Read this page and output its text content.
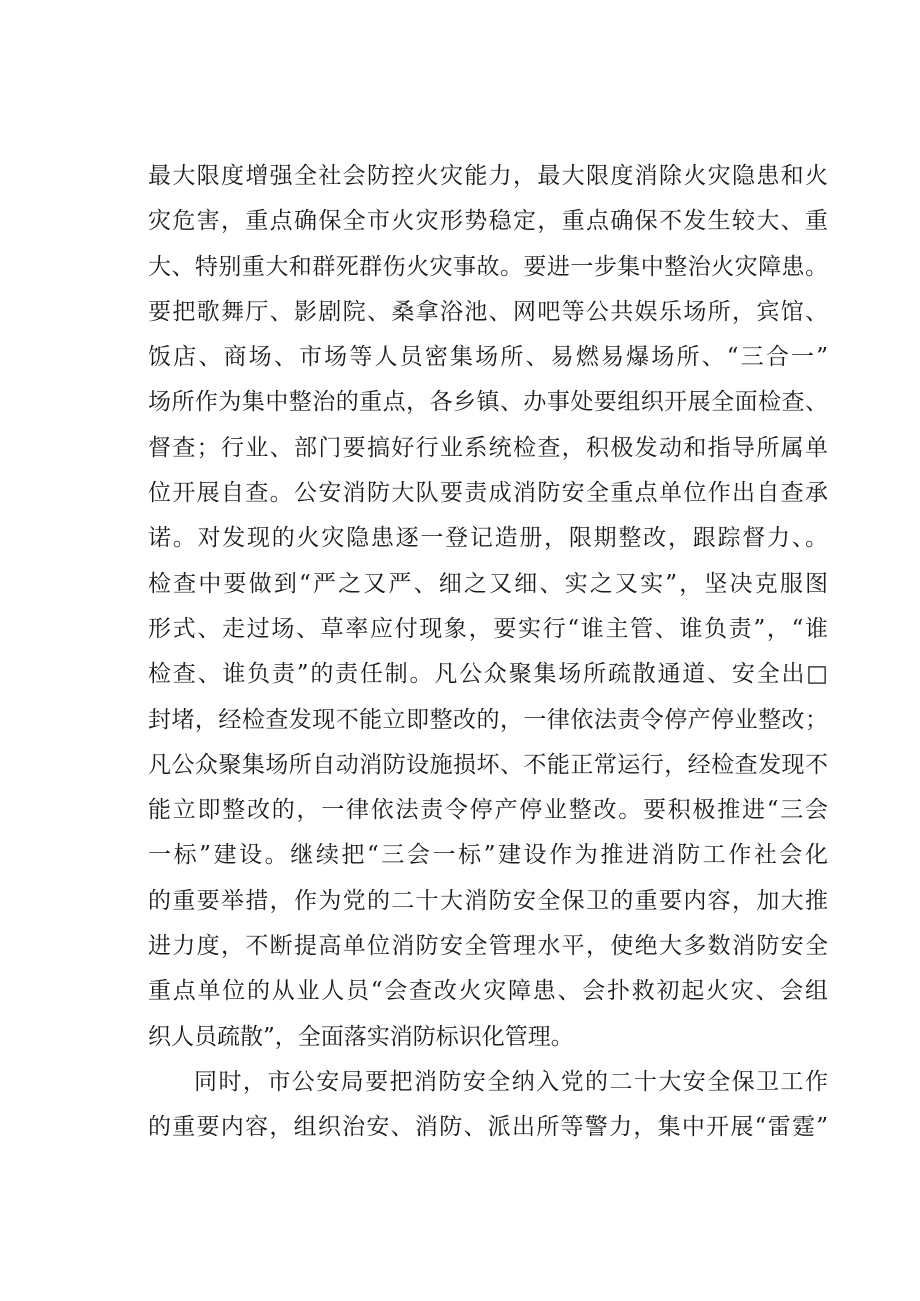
最大限度增强全社会防控火灾能力，最大限度消除火灾隐患和火
灾危害，重点确保全市火灾形势稳定，重点确保不发生较大、重
大、特别重大和群死群伤火灾事故。要进一步集中整治火灾障患。
要把歌舞厅、影剧院、桑拿浴池、网吧等公共娱乐场所，宾馆、
饭店、商场、市场等人员密集场所、易燃易爆场所、“三合一”
场所作为集中整治的重点，各乡镇、办事处要组织开展全面检查、
督查；行业、部门要搞好行业系统检查，积极发动和指导所属单
位开展自查。公安消防大队要责成消防安全重点单位作出自查承
诺。对发现的火灾隐患逐一登记造册，限期整改，跟踪督力、。
检查中要做到“严之又严、细之又细、实之又实”，坚决克服图
形式、走过场、草率应付现象，要实行“谁主管、谁负责”，“谁
检查、谁负责”的责任制。凡公众聚集场所疏散通道、安全出□
封堵，经检查发现不能立即整改的，一律依法责令停产停业整改；
凡公众聚集场所自动消防设施损坏、不能正常运行，经检查发现不
能立即整改的，一律依法责令停产停业整改。要积极推进“三会
一标”建设。继续把“三会一标”建设作为推进消防工作社会化
的重要举措，作为党的二十大消防安全保卫的重要内容，加大推
进力度，不断提高单位消防安全管理水平，使绝大多数消防安全
重点单位的从业人员“会查改火灾障患、会扑救初起火灾、会组
织人员疏散”，全面落实消防标识化管理。
同时，市公安局要把消防安全纳入党的二十大安全保卫工作
的重要内容，组织治安、消防、派出所等警力，集中开展“雷霆”
